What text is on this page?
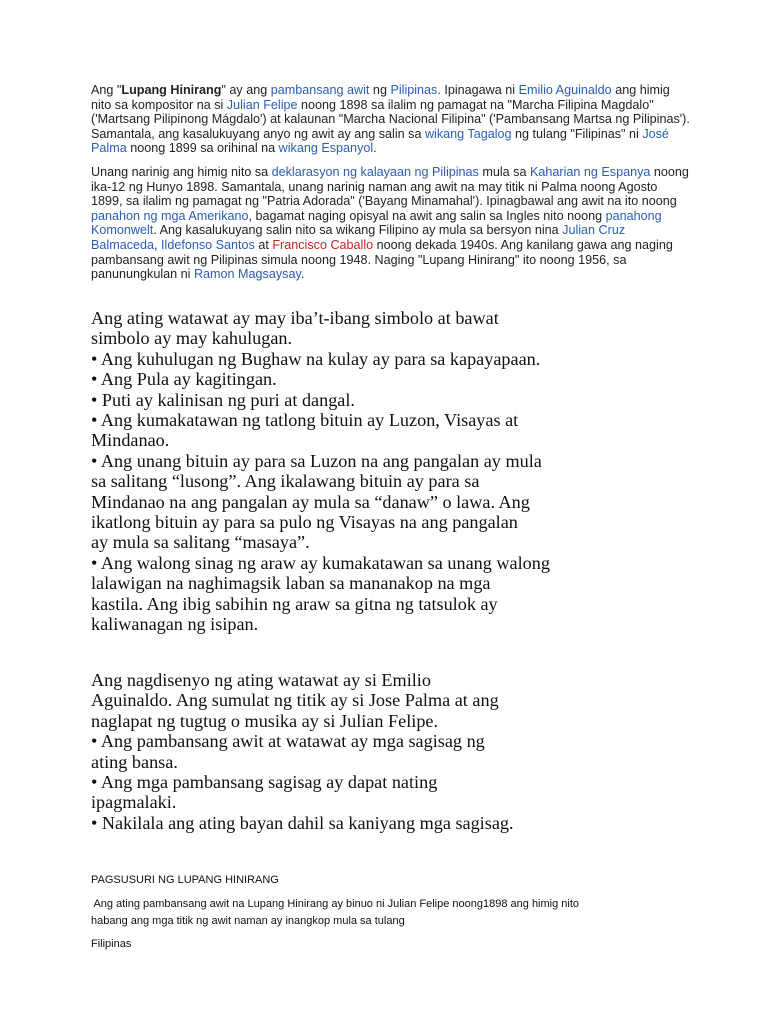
Ang "Lupang Hinirang" ay ang pambansang awit ng Pilipinas. Ipinagawa ni Emilio Aguinaldo ang himig nito sa kompositor na si Julian Felipe noong 1898 sa ilalim ng pamagat na "Marcha Filipina Magdalo" ('Martsang Pilipinong Mágdalo') at kalaunan "Marcha Nacional Filipina" ('Pambansang Martsa ng Pilipinas'). Samantala, ang kasalukuyang anyo ng awit ay ang salin sa wikang Tagalog ng tulang "Filipinas" ni José Palma noong 1899 sa orihinal na wikang Espanyol.

Unang narinig ang himig nito sa deklarasyon ng kalayaan ng Pilipinas mula sa Kaharian ng Espanya noong ika-12 ng Hunyo 1898. Samantala, unang narinig naman ang awit na may titik ni Palma noong Agosto 1899, sa ilalim ng pamagat ng "Patria Adorada" ('Bayang Minamahal'). Ipinagbawal ang awit na ito noong panahon ng mga Amerikano, bagamat naging opisyal na awit ang salin sa Ingles nito noong panahong Komonwelt. Ang kasalukuyang salin nito sa wikang Filipino ay mula sa bersyon nina Julian Cruz Balmaceda, Ildefonso Santos at Francisco Caballo noong dekada 1940s. Ang kanilang gawa ang naging pambansang awit ng Pilipinas simula noong 1948. Naging "Lupang Hinirang" ito noong 1956, sa panunungkulan ni Ramon Magsaysay.

Ang ating watawat ay may iba’t-ibang simbolo at bawat
simbolo ay may kahulugan.
• Ang kuhulugan ng Bughaw na kulay ay para sa kapayapaan.
• Ang Pula ay kagitingan.
• Puti ay kalinisan ng puri at dangal.
• Ang kumakatawan ng tatlong bituin ay Luzon, Visayas at
Mindanao.
• Ang unang bituin ay para sa Luzon na ang pangalan ay mula
sa salitang “lusong”. Ang ikalawang bituin ay para sa
Mindanao na ang pangalan ay mula sa “danaw” o lawa. Ang
ikatlong bituin ay para sa pulo ng Visayas na ang pangalan
ay mula sa salitang “masaya”.
• Ang walong sinag ng araw ay kumakatawan sa unang walong
lalawigan na naghimagsik laban sa mananakop na mga
kastila. Ang ibig sabihin ng araw sa gitna ng tatsulok ay
kaliwanagan ng isipan.
Ang nagdisenyo ng ating watawat ay si Emilio
Aguinaldo. Ang sumulat ng titik ay si Jose Palma at ang
naglapat ng tugtug o musika ay si Julian Felipe.
• Ang pambansang awit at watawat ay mga sagisag ng
ating bansa.
• Ang mga pambansang sagisag ay dapat nating
ipagmalaki.
• Nakilala ang ating bayan dahil sa kaniyang mga sagisag.
PAGSUSURI NG LUPANG HINIRANG
Ang ating pambansang awit na Lupang Hinirang ay binuo ni Julian Felipe noong1898 ang himig nito
habang ang mga titik ng awit naman ay inangkop mula sa tulang
Filipinas
